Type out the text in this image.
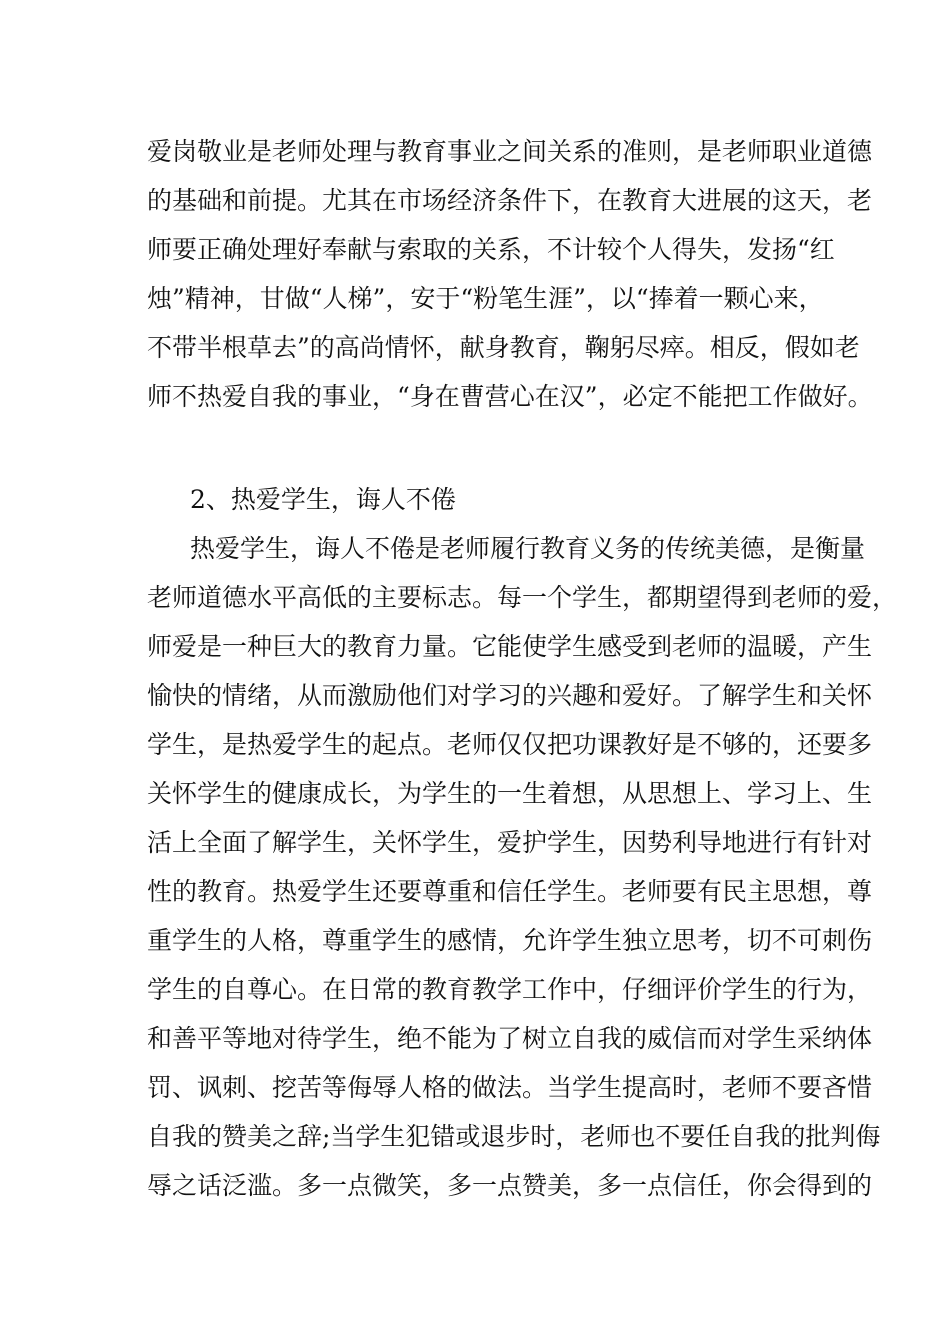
爱岗敬业是老师处理与教育事业之间关系的准则，是老师职业道德
的基础和前提。尤其在市场经济条件下，在教育大进展的这天，老
师要正确处理好奉献与索取的关系，不计较个人得失，发扬“红
烛”精神，甘做“人梯”，安于“粉笔生涯”，以“捧着一颗心来，
不带半根草去”的高尚情怀，献身教育，鞠躬尽瘁。相反，假如老
师不热爱自我的事业，“身在曹营心在汉”，必定不能把工作做好。
2、热爱学生，诲人不倦
热爱学生，诲人不倦是老师履行教育义务的传统美德，是衡量
老师道德水平高低的主要标志。每一个学生，都期望得到老师的爱，
师爱是一种巨大的教育力量。它能使学生感受到老师的温暖，产生
愉快的情绪，从而激励他们对学习的兴趣和爱好。了解学生和关怀
学生，是热爱学生的起点。老师仅仅把功课教好是不够的，还要多
关怀学生的健康成长，为学生的一生着想，从思想上、学习上、生
活上全面了解学生，关怀学生，爱护学生，因势利导地进行有针对
性的教育。热爱学生还要尊重和信任学生。老师要有民主思想，尊
重学生的人格，尊重学生的感情，允许学生独立思考，切不可刺伤
学生的自尊心。在日常的教育教学工作中，仔细评价学生的行为，
和善平等地对待学生，绝不能为了树立自我的威信而对学生采纳体
罚、讽刺、挖苦等侮辱人格的做法。当学生提高时，老师不要吝惜
自我的赞美之辞;当学生犯错或退步时，老师也不要任自我的批判侮
辱之话泛滥。多一点微笑，多一点赞美，多一点信任，你会得到的
